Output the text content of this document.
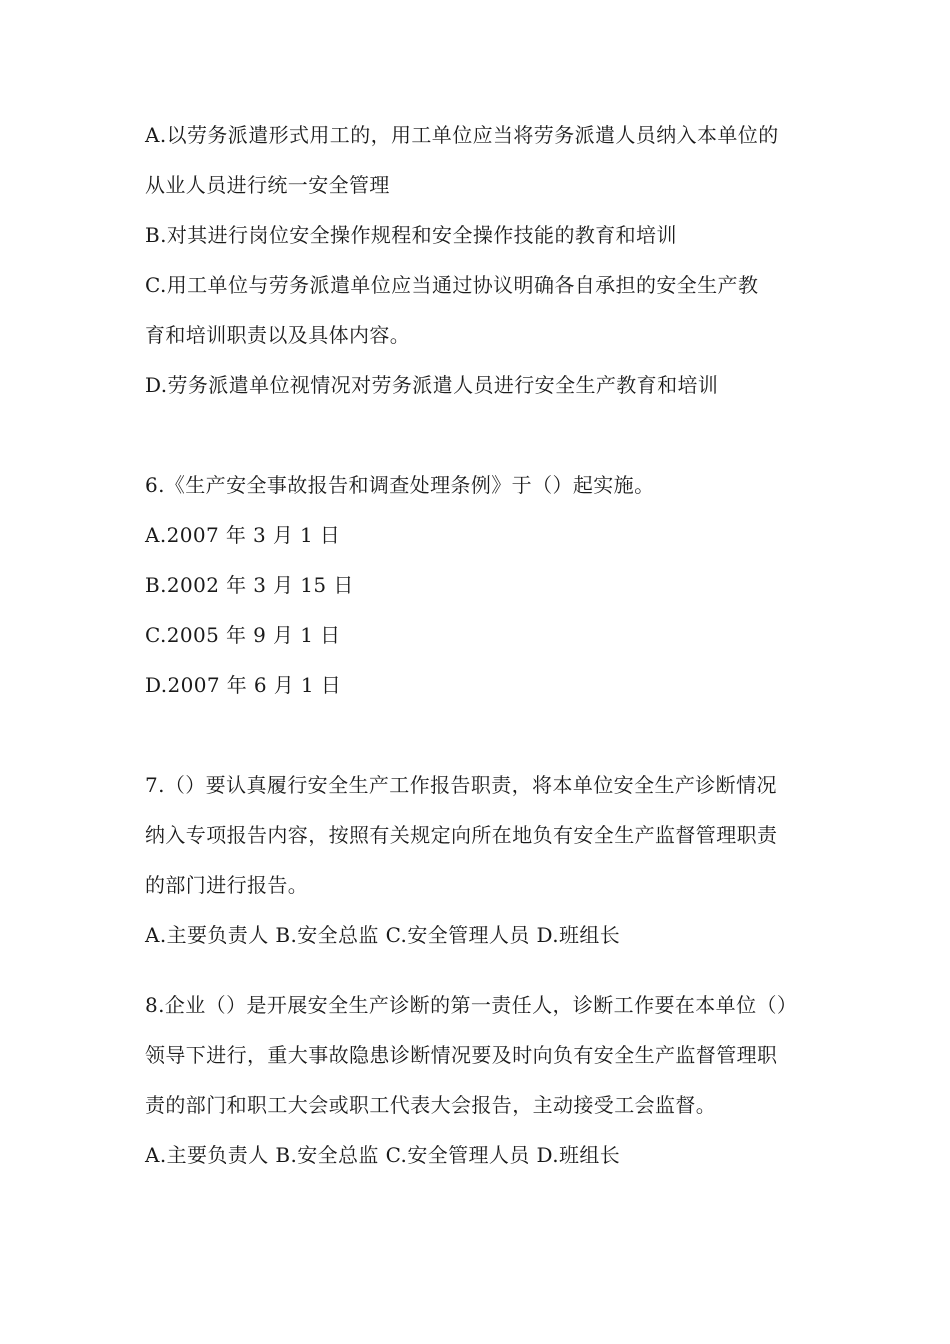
A.以劳务派遣形式用工的，用工单位应当将劳务派遣人员纳入本单位的
从业人员进行统一安全管理
B.对其进行岗位安全操作规程和安全操作技能的教育和培训
C.用工单位与劳务派遣单位应当通过协议明确各自承担的安全生产教
育和培训职责以及具体内容。
D.劳务派遣单位视情况对劳务派遣人员进行安全生产教育和培训
6.《生产安全事故报告和调查处理条例》于（）起实施。
A.2007 年 3 月 1 日
B.2002 年 3 月 15 日
C.2005 年 9 月 1 日
D.2007 年 6 月 1 日
7.（）要认真履行安全生产工作报告职责，将本单位安全生产诊断情况
纳入专项报告内容，按照有关规定向所在地负有安全生产监督管理职责
的部门进行报告。
A.主要负责人 B.安全总监 C.安全管理人员 D.班组长
8.企业（）是开展安全生产诊断的第一责任人，诊断工作要在本单位（）
领导下进行，重大事故隐患诊断情况要及时向负有安全生产监督管理职
责的部门和职工大会或职工代表大会报告，主动接受工会监督。
A.主要负责人 B.安全总监 C.安全管理人员 D.班组长
